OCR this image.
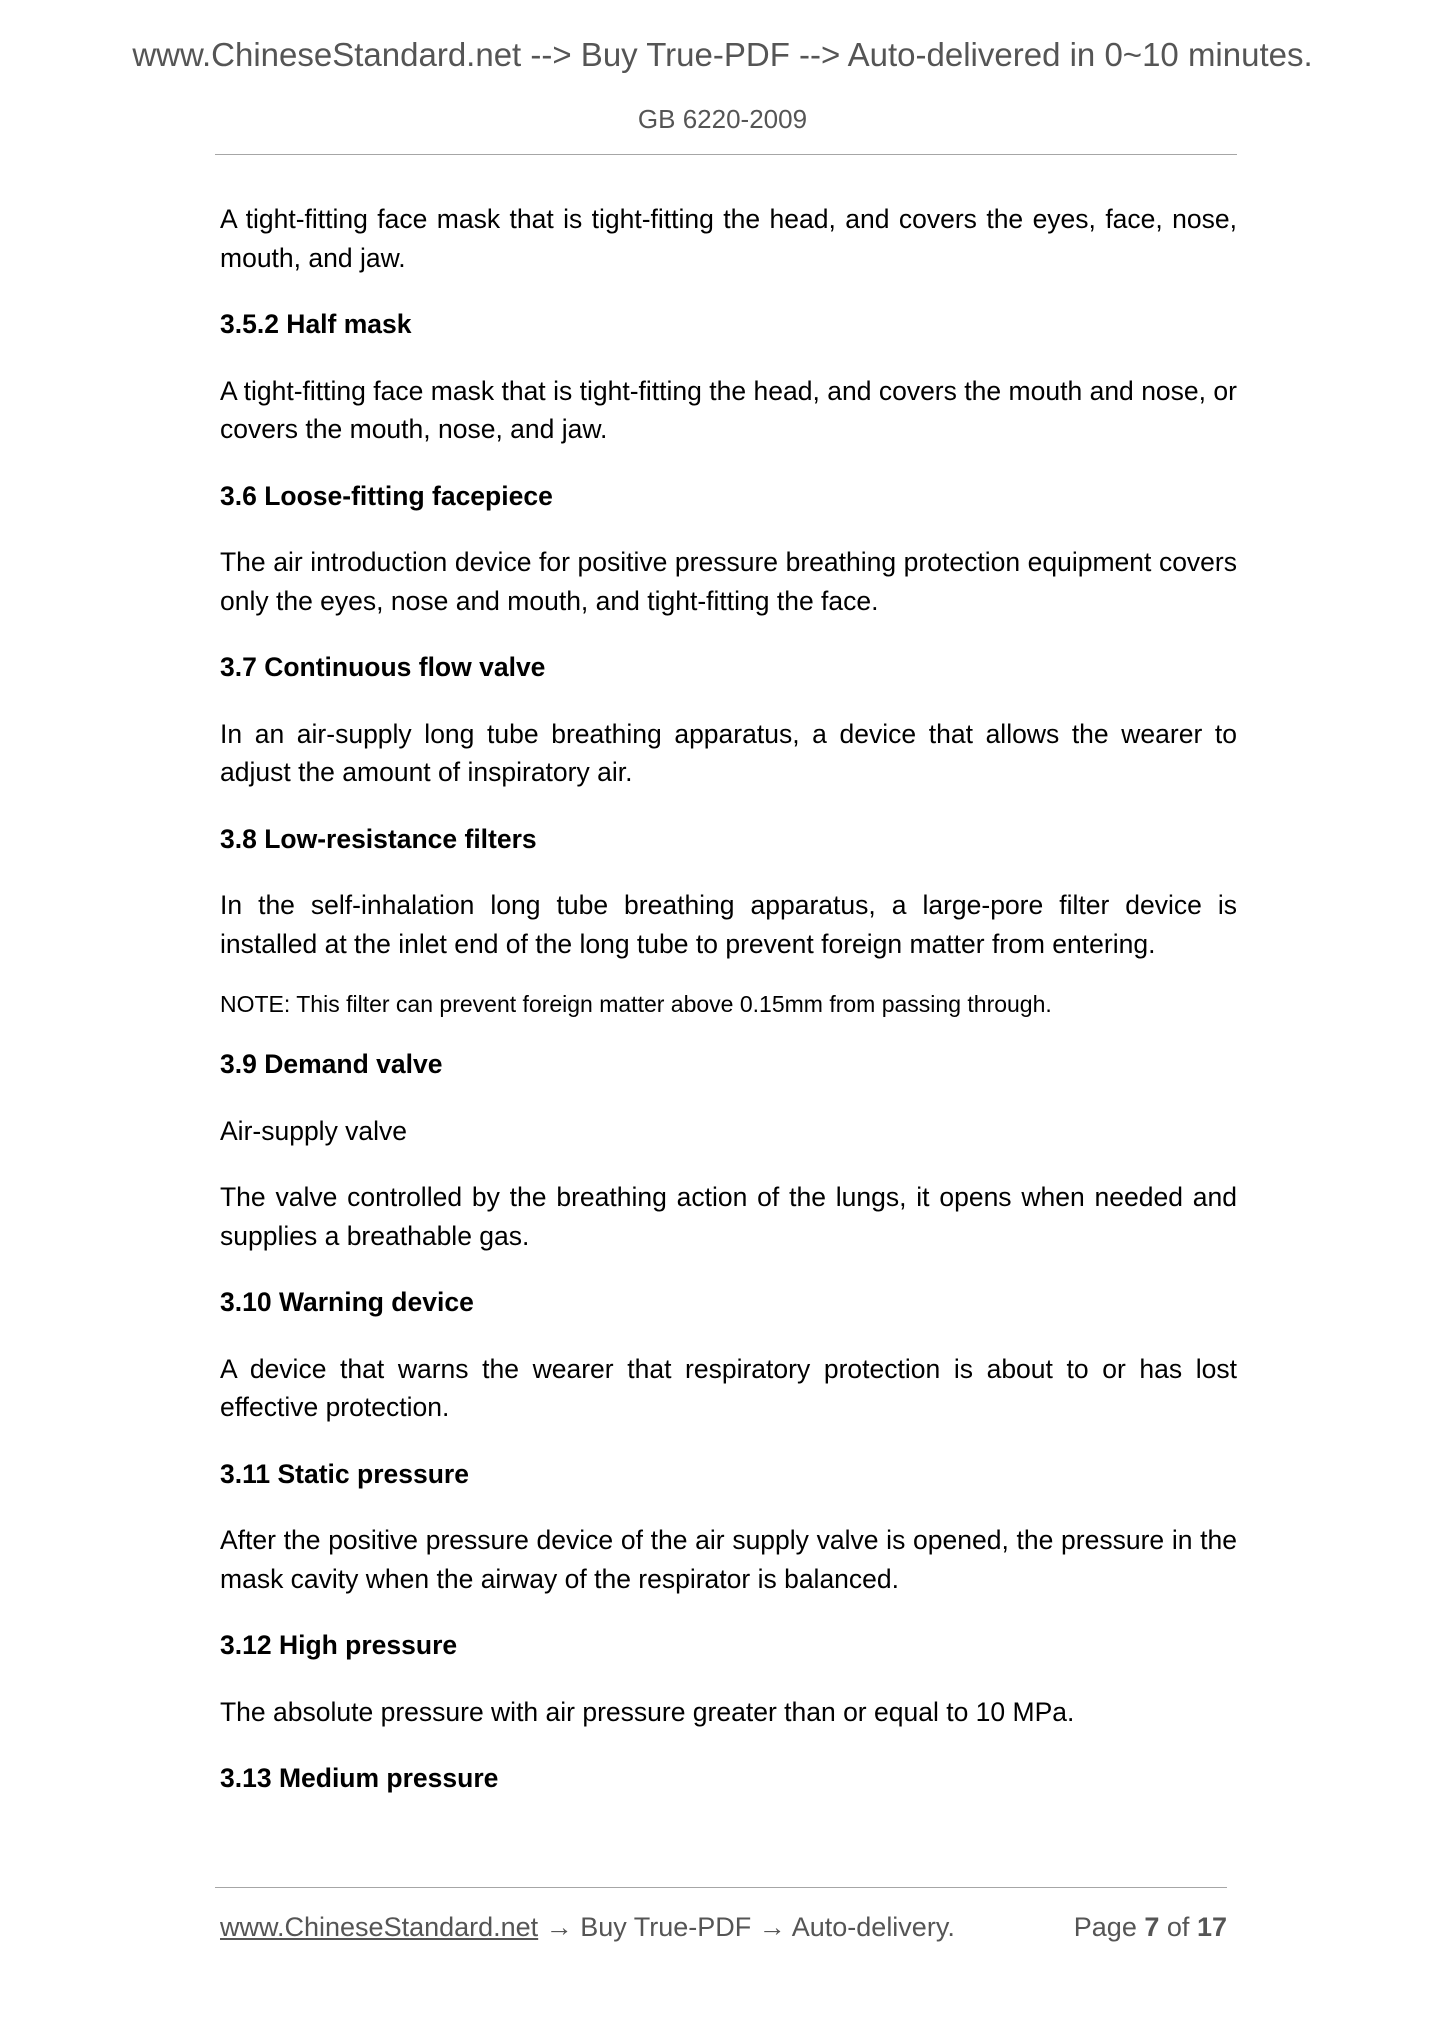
www.ChineseStandard.net --> Buy True-PDF --> Auto-delivered in 0~10 minutes.
GB 6220-2009

A tight-fitting face mask that is tight-fitting the head, and covers the eyes, face, nose, mouth, and jaw.

3.5.2 Half mask

A tight-fitting face mask that is tight-fitting the head, and covers the mouth and nose, or covers the mouth, nose, and jaw.

3.6 Loose-fitting facepiece

The air introduction device for positive pressure breathing protection equipment covers only the eyes, nose and mouth, and tight-fitting the face.

3.7 Continuous flow valve

In an air-supply long tube breathing apparatus, a device that allows the wearer to adjust the amount of inspiratory air.

3.8 Low-resistance filters

In the self-inhalation long tube breathing apparatus, a large-pore filter device is installed at the inlet end of the long tube to prevent foreign matter from entering.

NOTE: This filter can prevent foreign matter above 0.15mm from passing through.

3.9 Demand valve

Air-supply valve

The valve controlled by the breathing action of the lungs, it opens when needed and supplies a breathable gas.

3.10 Warning device

A device that warns the wearer that respiratory protection is about to or has lost effective protection.

3.11 Static pressure

After the positive pressure device of the air supply valve is opened, the pressure in the mask cavity when the airway of the respirator is balanced.

3.12 High pressure

The absolute pressure with air pressure greater than or equal to 10 MPa.

3.13 Medium pressure

www.ChineseStandard.net → Buy True-PDF → Auto-delivery.	Page 7 of 17
